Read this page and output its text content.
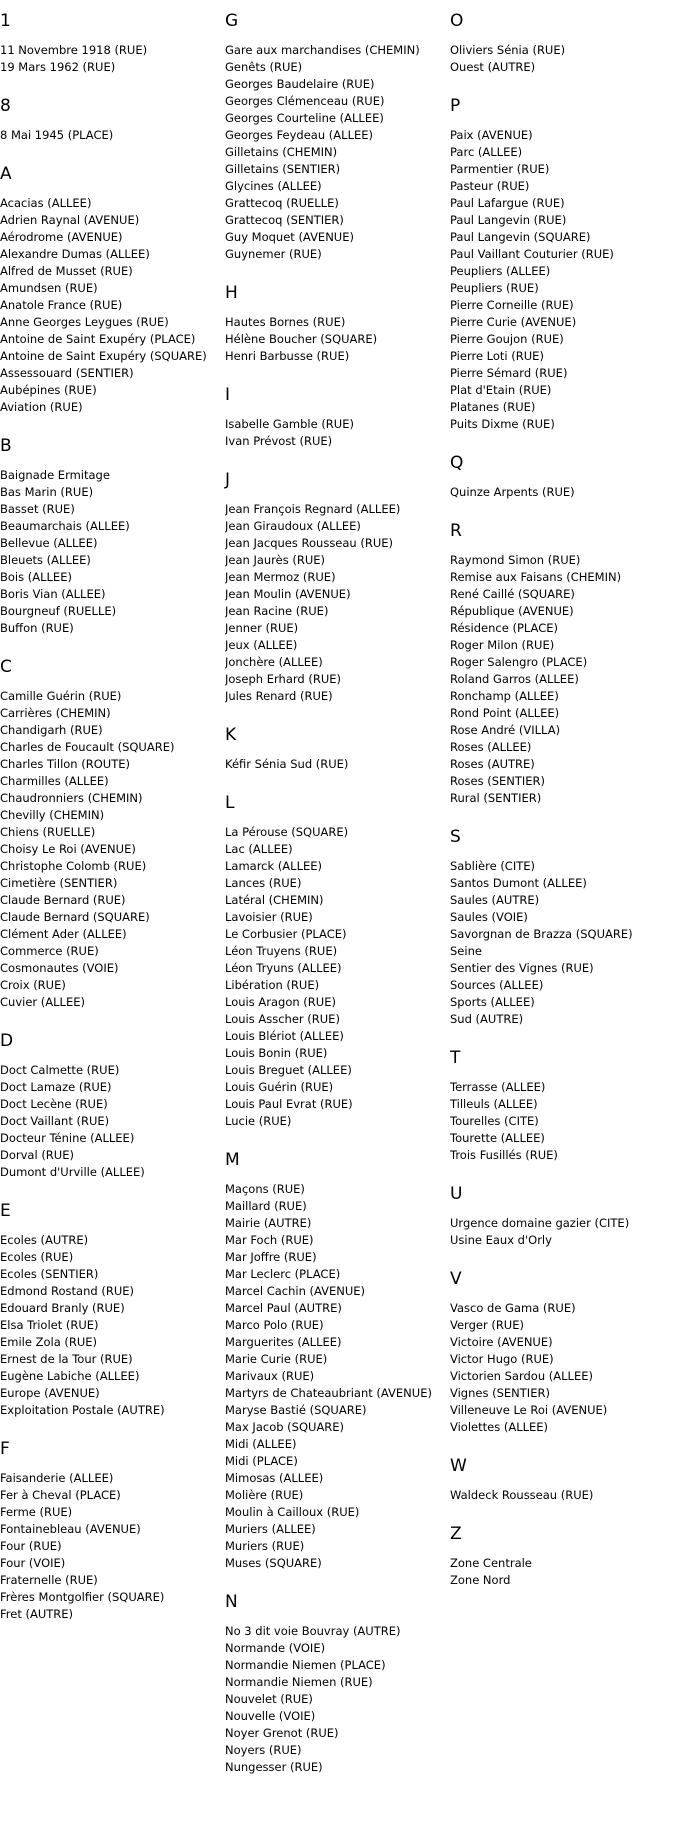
1
11 Novembre 1918 (RUE)
19 Mars 1962 (RUE)
8
8 Mai 1945 (PLACE)
A
Acacias (ALLEE)
Adrien Raynal (AVENUE)
Aérodrome (AVENUE)
Alexandre Dumas (ALLEE)
Alfred de Musset (RUE)
Amundsen (RUE)
Anatole France (RUE)
Anne Georges Leygues (RUE)
Antoine de Saint Exupéry (PLACE)
Antoine de Saint Exupéry (SQUARE)
Assessouard (SENTIER)
Aubépines (RUE)
Aviation (RUE)
B
Baignade Ermitage
Bas Marin (RUE)
Basset (RUE)
Beaumarchais (ALLEE)
Bellevue (ALLEE)
Bleuets (ALLEE)
Bois (ALLEE)
Boris Vian (ALLEE)
Bourgneuf (RUELLE)
Buffon (RUE)
C
Camille Guérin (RUE)
Carrières (CHEMIN)
Chandigarh (RUE)
Charles de Foucault (SQUARE)
Charles Tillon (ROUTE)
Charmilles (ALLEE)
Chaudronniers (CHEMIN)
Chevilly (CHEMIN)
Chiens (RUELLE)
Choisy Le Roi (AVENUE)
Christophe Colomb (RUE)
Cimetière (SENTIER)
Claude Bernard (RUE)
Claude Bernard (SQUARE)
Clément Ader (ALLEE)
Commerce (RUE)
Cosmonautes (VOIE)
Croix (RUE)
Cuvier (ALLEE)
D
Doct Calmette (RUE)
Doct Lamaze (RUE)
Doct Lecène (RUE)
Doct Vaillant (RUE)
Docteur Ténine (ALLEE)
Dorval (RUE)
Dumont d'Urville (ALLEE)
E
Ecoles (AUTRE)
Ecoles (RUE)
Ecoles (SENTIER)
Edmond Rostand (RUE)
Edouard Branly (RUE)
Elsa Triolet (RUE)
Emile Zola (RUE)
Ernest de la Tour (RUE)
Eugène Labiche (ALLEE)
Europe (AVENUE)
Exploitation Postale (AUTRE)
F
Faisanderie (ALLEE)
Fer à Cheval (PLACE)
Ferme (RUE)
Fontainebleau (AVENUE)
Four (RUE)
Four (VOIE)
Fraternelle (RUE)
Frères Montgolfier (SQUARE)
Fret (AUTRE)
G
Gare aux marchandises (CHEMIN)
Genêts (RUE)
Georges Baudelaire (RUE)
Georges Clémenceau (RUE)
Georges Courteline (ALLEE)
Georges Feydeau (ALLEE)
Gilletains (CHEMIN)
Gilletains (SENTIER)
Glycines (ALLEE)
Grattecoq (RUELLE)
Grattecoq (SENTIER)
Guy Moquet (AVENUE)
Guynemer (RUE)
H
Hautes Bornes (RUE)
Hélène Boucher (SQUARE)
Henri Barbusse (RUE)
I
Isabelle Gamble (RUE)
Ivan Prévost (RUE)
J
Jean François Regnard (ALLEE)
Jean Giraudoux (ALLEE)
Jean Jacques Rousseau (RUE)
Jean Jaurès (RUE)
Jean Mermoz (RUE)
Jean Moulin (AVENUE)
Jean Racine (RUE)
Jenner (RUE)
Jeux (ALLEE)
Jonchère (ALLEE)
Joseph Erhard (RUE)
Jules Renard (RUE)
K
Kéfir Sénia Sud (RUE)
L
La Pérouse (SQUARE)
Lac (ALLEE)
Lamarck (ALLEE)
Lances (RUE)
Latéral (CHEMIN)
Lavoisier (RUE)
Le Corbusier (PLACE)
Léon Truyens (RUE)
Léon Tryuns (ALLEE)
Libération (RUE)
Louis Aragon (RUE)
Louis Asscher (RUE)
Louis Blériot (ALLEE)
Louis Bonin (RUE)
Louis Breguet (ALLEE)
Louis Guérin (RUE)
Louis Paul Evrat (RUE)
Lucie (RUE)
M
Maçons (RUE)
Maillard (RUE)
Mairie (AUTRE)
Mar Foch (RUE)
Mar Joffre (RUE)
Mar Leclerc (PLACE)
Marcel Cachin (AVENUE)
Marcel Paul (AUTRE)
Marco Polo (RUE)
Marguerites (ALLEE)
Marie Curie (RUE)
Marivaux (RUE)
Martyrs de Chateaubriant (AVENUE)
Maryse Bastié (SQUARE)
Max Jacob (SQUARE)
Midi (ALLEE)
Midi (PLACE)
Mimosas (ALLEE)
Molière (RUE)
Moulin à Cailloux (RUE)
Muriers (ALLEE)
Muriers (RUE)
Muses (SQUARE)
N
No 3 dit voie Bouvray (AUTRE)
Normande (VOIE)
Normandie Niemen (PLACE)
Normandie Niemen (RUE)
Nouvelet (RUE)
Nouvelle (VOIE)
Noyer Grenot (RUE)
Noyers (RUE)
Nungesser (RUE)
O
Oliviers Sénia (RUE)
Ouest (AUTRE)
P
Paix (AVENUE)
Parc (ALLEE)
Parmentier (RUE)
Pasteur (RUE)
Paul Lafargue (RUE)
Paul Langevin (RUE)
Paul Langevin (SQUARE)
Paul Vaillant Couturier (RUE)
Peupliers (ALLEE)
Peupliers (RUE)
Pierre Corneille (RUE)
Pierre Curie (AVENUE)
Pierre Goujon (RUE)
Pierre Loti (RUE)
Pierre Sémard (RUE)
Plat d'Etain (RUE)
Platanes (RUE)
Puits Dixme (RUE)
Q
Quinze Arpents (RUE)
R
Raymond Simon (RUE)
Remise aux Faisans (CHEMIN)
René Caillé (SQUARE)
République (AVENUE)
Résidence (PLACE)
Roger Milon (RUE)
Roger Salengro (PLACE)
Roland Garros (ALLEE)
Ronchamp (ALLEE)
Rond Point (ALLEE)
Rose André (VILLA)
Roses (ALLEE)
Roses (AUTRE)
Roses (SENTIER)
Rural (SENTIER)
S
Sablière (CITE)
Santos Dumont (ALLEE)
Saules (AUTRE)
Saules (VOIE)
Savorgnan de Brazza (SQUARE)
Seine
Sentier des Vignes (RUE)
Sources (ALLEE)
Sports (ALLEE)
Sud (AUTRE)
T
Terrasse (ALLEE)
Tilleuls (ALLEE)
Tourelles (CITE)
Tourette (ALLEE)
Trois Fusillés (RUE)
U
Urgence domaine gazier (CITE)
Usine Eaux d'Orly
V
Vasco de Gama (RUE)
Verger (RUE)
Victoire (AVENUE)
Victor Hugo (RUE)
Victorien Sardou (ALLEE)
Vignes (SENTIER)
Villeneuve Le Roi (AVENUE)
Violettes (ALLEE)
W
Waldeck Rousseau (RUE)
Z
Zone Centrale
Zone Nord
